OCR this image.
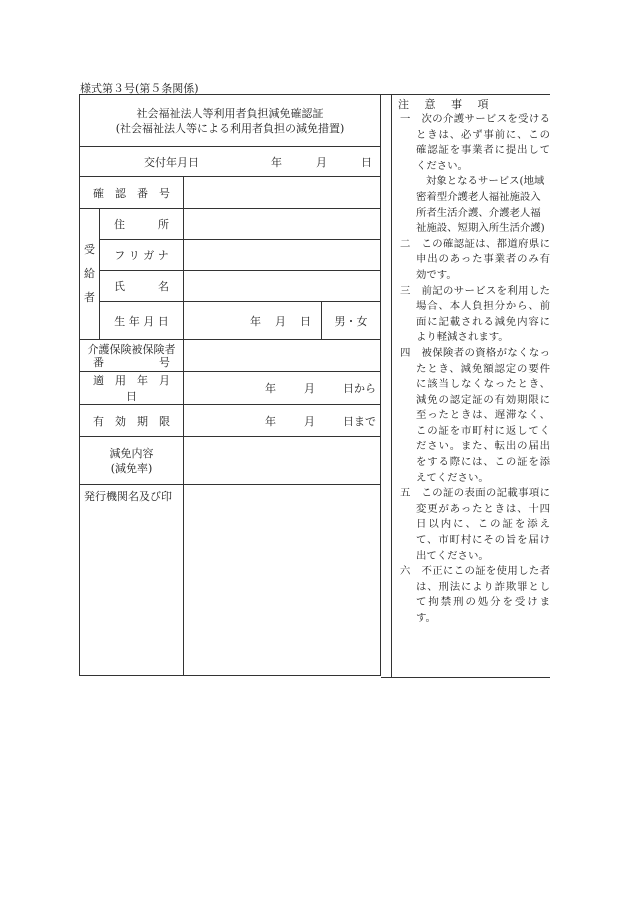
様式第３号(第５条関係)
社会福祉法人等利用者負担減免確認証
(社会福祉法人等による利用者負担の減免措置)		

交付年月日 年 月 日		

確　認　番　号		

受
給
者	住　　　所	
	フ リ ガ ナ	
	氏　　　名	
	生 年 月 日	年 月 日 男・女

介護保険被保険者
番　　　　　号		

適　用　年　月　日		年 月 日から

有　効　期　限		年 月 日まで

減免内容
(減免率)		

発行機関名及び印		
注 意 事 項

一　 次の介護サービスを受けるときは、必ず事前に、この確認証を事業者に提出してください。

対象となるサービス(地域密着型介護老人福祉施設入所者生活介護、介護老人福祉施設、短期入所生活介護)

二　 この確認証は、都道府県に申出のあった事業者のみ有効です。

三　 前記のサービスを利用した場合、本人負担分から、前面に記載される減免内容により軽減されます。

四　 被保険者の資格がなくなったとき、減免額認定の要件に該当しなくなったとき、減免の認定証の有効期限に至ったときは、遅滞なく、この証を市町村に返してください。また、転出の届出をする際には、この証を添えてください。

五　 この証の表面の記載事項に変更があったときは、十四日以内に、この証を添えて、市町村にその旨を届け出てください。

六　 不正にこの証を使用した者は、刑法により詐欺罪として拘禁刑の処分を受けます。
